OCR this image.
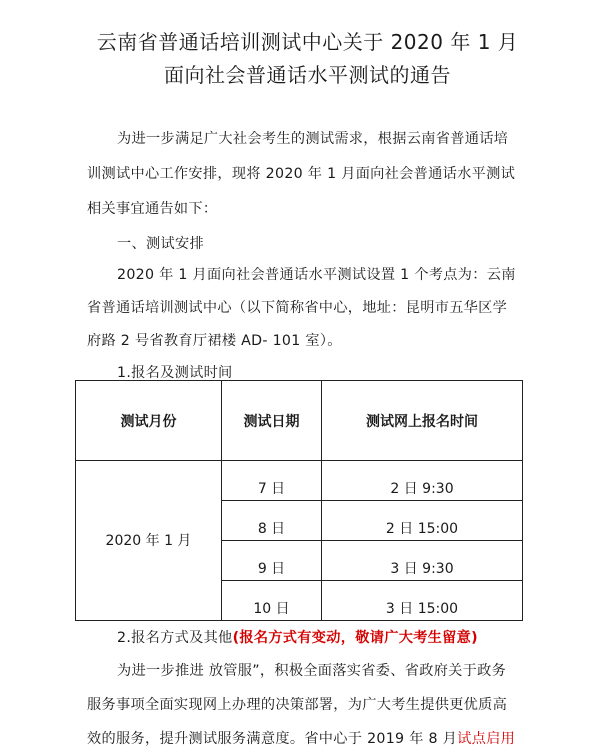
云南省普通话培训测试中心关于 2020 年 1 月
面向社会普通话水平测试的通告
为进一步满足广大社会考生的测试需求，根据云南省普通话培
训测试中心工作安排，现将 2020 年 1 月面向社会普通话水平测试
相关事宜通告如下：
一、测试安排
2020 年 1 月面向社会普通话水平测试设置 1 个考点为：云南
省普通话培训测试中心（以下简称省中心，地址：昆明市五华区学
府路 2 号省教育厅裙楼 AD- 101 室）。
1.报名及测试时间
测试月份	测试日期	测试网上报名时间
2020 年 1 月	7 日	2 日 9:30
	8 日	2 日 15:00
	9 日	3 日 9:30
	10 日	3 日 15:00
2.报名方式及其他(报名方式有变动，敬请广大考生留意)
为进一步推进 放管服”，积极全面落实省委、省政府关于政务
服务事项全面实现网上办理的决策部署，为广大考生提供更优质高
效的服务，提升测试服务满意度。省中心于 2019 年 8 月试点启用
